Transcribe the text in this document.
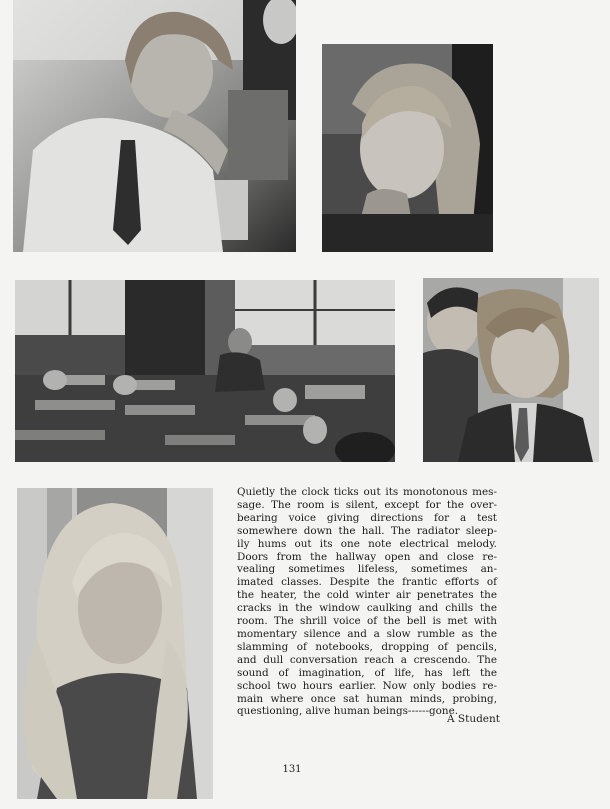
Quietly the clock ticks out its monotonous mes-
sage. The room is silent, except for the over-
bearing voice giving directions for a test
somewhere down the hall. The radiator sleep-
ily hums out its one note electrical melody.
Doors from the hallway open and close re-
vealing sometimes lifeless, sometimes an-
imated classes. Despite the frantic efforts of
the heater, the cold winter air penetrates the
cracks in the window caulking and chills the
room. The shrill voice of the bell is met with
momentary silence and a slow rumble as the
slamming of notebooks, dropping of pencils,
and dull conversation reach a crescendo. The
sound of imagination, of life, has left the
school two hours earlier. Now only bodies re-
main where once sat human minds, probing,
questioning, alive human beings------gone.
A Student
131
